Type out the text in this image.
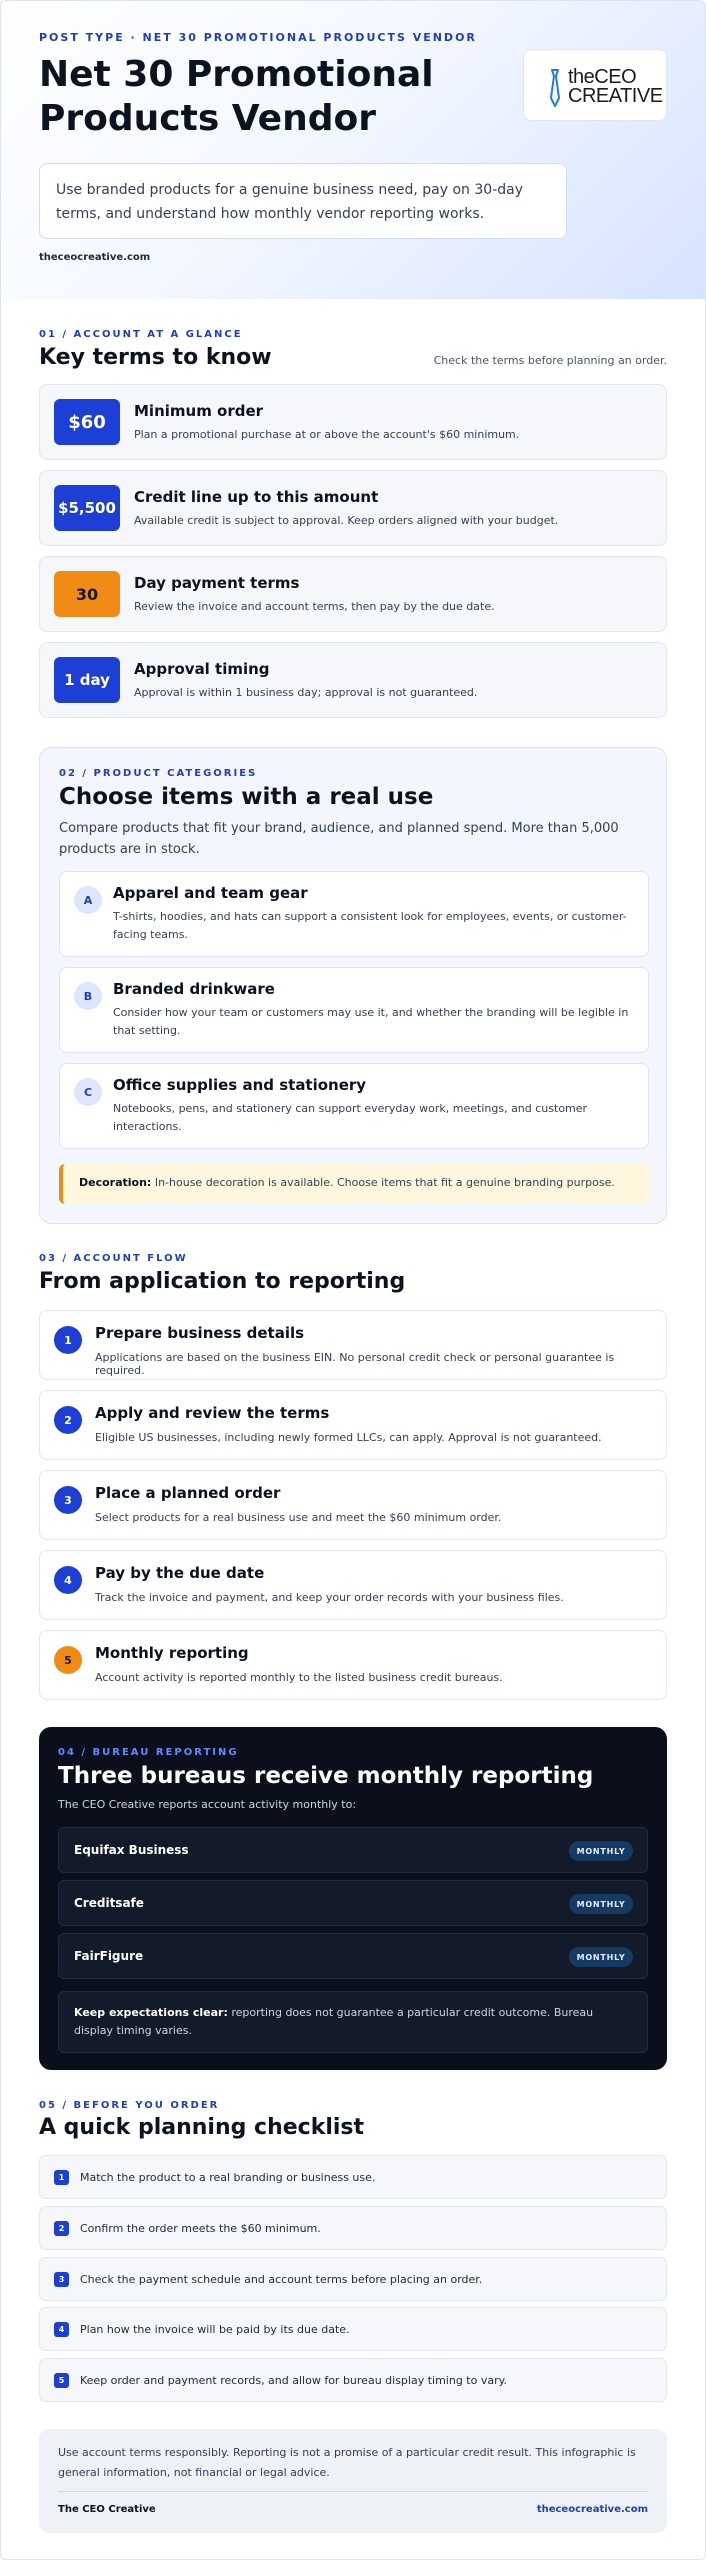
POST TYPE · NET 30 PROMOTIONAL PRODUCTS VENDOR
Net 30 Promotional Products Vendor
theCEO
CREATIVE
Use branded products for a genuine business need, pay on 30-day terms, and understand how monthly vendor reporting works.
theceocreative.com
01 / ACCOUNT AT A GLANCE
Key terms to know	Check the terms before planning an order.
$60
Minimum order
Plan a promotional purchase at or above the account's $60 minimum.
$5,500
Credit line up to this amount
Available credit is subject to approval. Keep orders aligned with your budget.
30
Day payment terms
Review the invoice and account terms, then pay by the due date.
1 day
Approval timing
Approval is within 1 business day; approval is not guaranteed.
02 / PRODUCT CATEGORIES
Choose items with a real use
Compare products that fit your brand, audience, and planned spend. More than 5,000 products are in stock.
A	Apparel and team gear
T-shirts, hoodies, and hats can support a consistent look for employees, events, or customer-facing teams.
B	Branded drinkware
Consider how your team or customers may use it, and whether the branding will be legible in that setting.
C	Office supplies and stationery
Notebooks, pens, and stationery can support everyday work, meetings, and customer interactions.
Decoration: In-house decoration is available. Choose items that fit a genuine branding purpose.
03 / ACCOUNT FLOW
From application to reporting
1	Prepare business details
Applications are based on the business EIN. No personal credit check or personal guarantee is required.
2	Apply and review the terms
Eligible US businesses, including newly formed LLCs, can apply. Approval is not guaranteed.
3	Place a planned order
Select products for a real business use and meet the $60 minimum order.
4	Pay by the due date
Track the invoice and payment, and keep your order records with your business files.
5	Monthly reporting
Account activity is reported monthly to the listed business credit bureaus.
04 / BUREAU REPORTING
Three bureaus receive monthly reporting
The CEO Creative reports account activity monthly to:
Equifax Business	MONTHLY
Creditsafe	MONTHLY
FairFigure	MONTHLY
Keep expectations clear: reporting does not guarantee a particular credit outcome. Bureau display timing varies.
05 / BEFORE YOU ORDER
A quick planning checklist
1	Match the product to a real branding or business use.
2	Confirm the order meets the $60 minimum.
3	Check the payment schedule and account terms before placing an order.
4	Plan how the invoice will be paid by its due date.
5	Keep order and payment records, and allow for bureau display timing to vary.
Use account terms responsibly. Reporting is not a promise of a particular credit result. This infographic is general information, not financial or legal advice.
The CEO Creative	theceocreative.com
